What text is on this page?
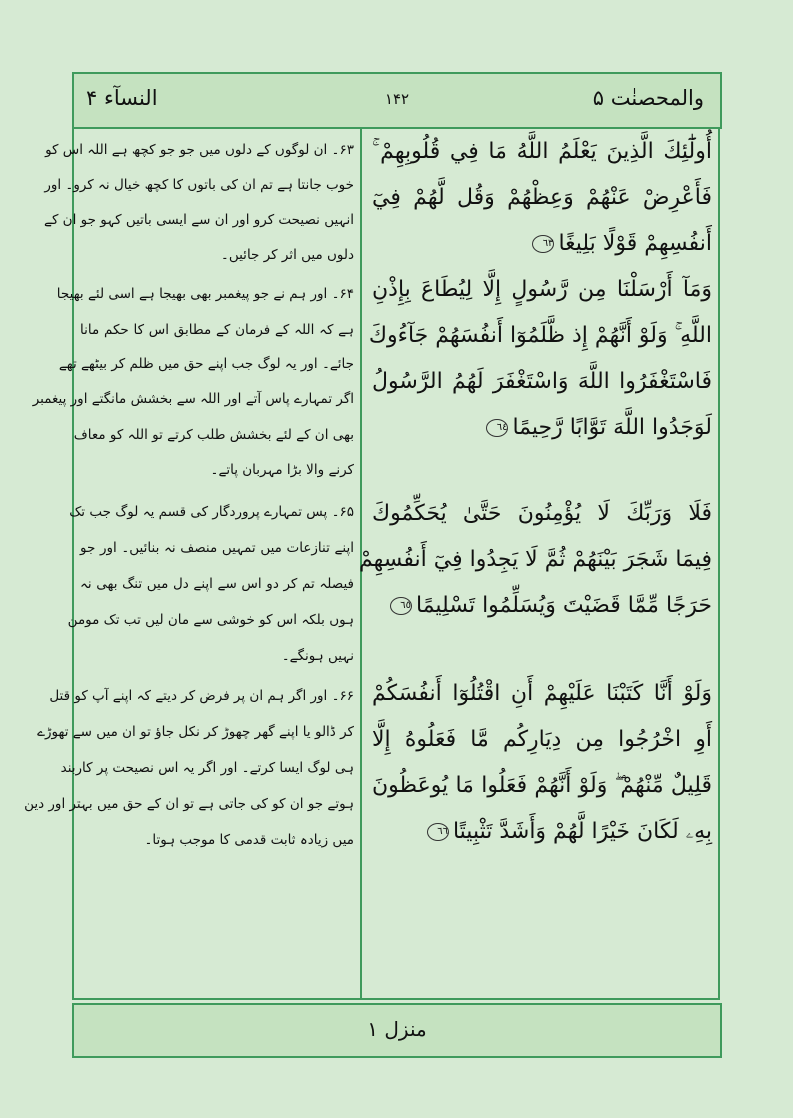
والمحصنٰت ۵
۱۴۲
النسآء ۴
أُولَٰٓئِكَ الَّذِينَ يَعْلَمُ اللَّهُ مَا فِي قُلُوبِهِمْ ۚ
فَأَعْرِضْ عَنْهُمْ وَعِظْهُمْ وَقُل لَّهُمْ فِيٓ
أَنفُسِهِمْ قَوْلًا بَلِيغًا٦٣
وَمَآ أَرْسَلْنَا مِن رَّسُولٍ إِلَّا لِيُطَاعَ بِإِذْنِ
اللَّهِ ۚ وَلَوْ أَنَّهُمْ إِذ ظَّلَمُوٓا أَنفُسَهُمْ جَآءُوكَ
فَاسْتَغْفَرُوا اللَّهَ وَاسْتَغْفَرَ لَهُمُ الرَّسُولُ
لَوَجَدُوا اللَّهَ تَوَّابًا رَّحِيمًا٦٤
فَلَا وَرَبِّكَ لَا يُؤْمِنُونَ حَتَّىٰ يُحَكِّمُوكَ
فِيمَا شَجَرَ بَيْنَهُمْ ثُمَّ لَا يَجِدُوا فِيٓ أَنفُسِهِمْ
حَرَجًا مِّمَّا قَضَيْتَ وَيُسَلِّمُوا تَسْلِيمًا٦٥
وَلَوْ أَنَّا كَتَبْنَا عَلَيْهِمْ أَنِ اقْتُلُوٓا أَنفُسَكُمْ
أَوِ اخْرُجُوا مِن دِيَارِكُم مَّا فَعَلُوهُ إِلَّا
قَلِيلٌ مِّنْهُمْ ۖ وَلَوْ أَنَّهُمْ فَعَلُوا مَا يُوعَظُونَ
بِهِۦ لَكَانَ خَيْرًا لَّهُمْ وَأَشَدَّ تَثْبِيتًا٦٦
۶۳۔ ان لوگوں کے دلوں میں جو جو کچھ ہے اللہ اس کو
خوب جانتا ہے تم ان کی باتوں کا کچھ خیال نہ کرو۔ اور
انہیں نصیحت کرو اور ان سے ایسی باتیں کہو جو ان کے
دلوں میں اثر کر جائیں۔
۶۴۔ اور ہم نے جو پیغمبر بھی بھیجا ہے اسی لئے بھیجا
ہے کہ اللہ کے فرمان کے مطابق اس کا حکم مانا
جائے۔ اور یہ لوگ جب اپنے حق میں ظلم کر بیٹھے تھے
اگر تمہارے پاس آتے اور اللہ سے بخشش مانگتے اور پیغمبر
بھی ان کے لئے بخشش طلب کرتے تو اللہ کو معاف
کرنے والا بڑا مہربان پاتے۔
۶۵۔ پس تمہارے پروردگار کی قسم یہ لوگ جب تک
اپنے تنازعات میں تمہیں منصف نہ بنائیں۔ اور جو
فیصلہ تم کر دو اس سے اپنے دل میں تنگ بھی نہ
ہوں بلکہ اس کو خوشی سے مان لیں تب تک مومن
نہیں ہونگے۔
۶۶۔ اور اگر ہم ان پر فرض کر دیتے کہ اپنے آپ کو قتل
کر ڈالو یا اپنے گھر چھوڑ کر نکل جاؤ تو ان میں سے تھوڑے
ہی لوگ ایسا کرتے۔ اور اگر یہ اس نصیحت پر کاربند
ہوتے جو ان کو کی جاتی ہے تو ان کے حق میں بہتر اور دین
میں زیادہ ثابت قدمی کا موجب ہوتا۔
منزل ۱
